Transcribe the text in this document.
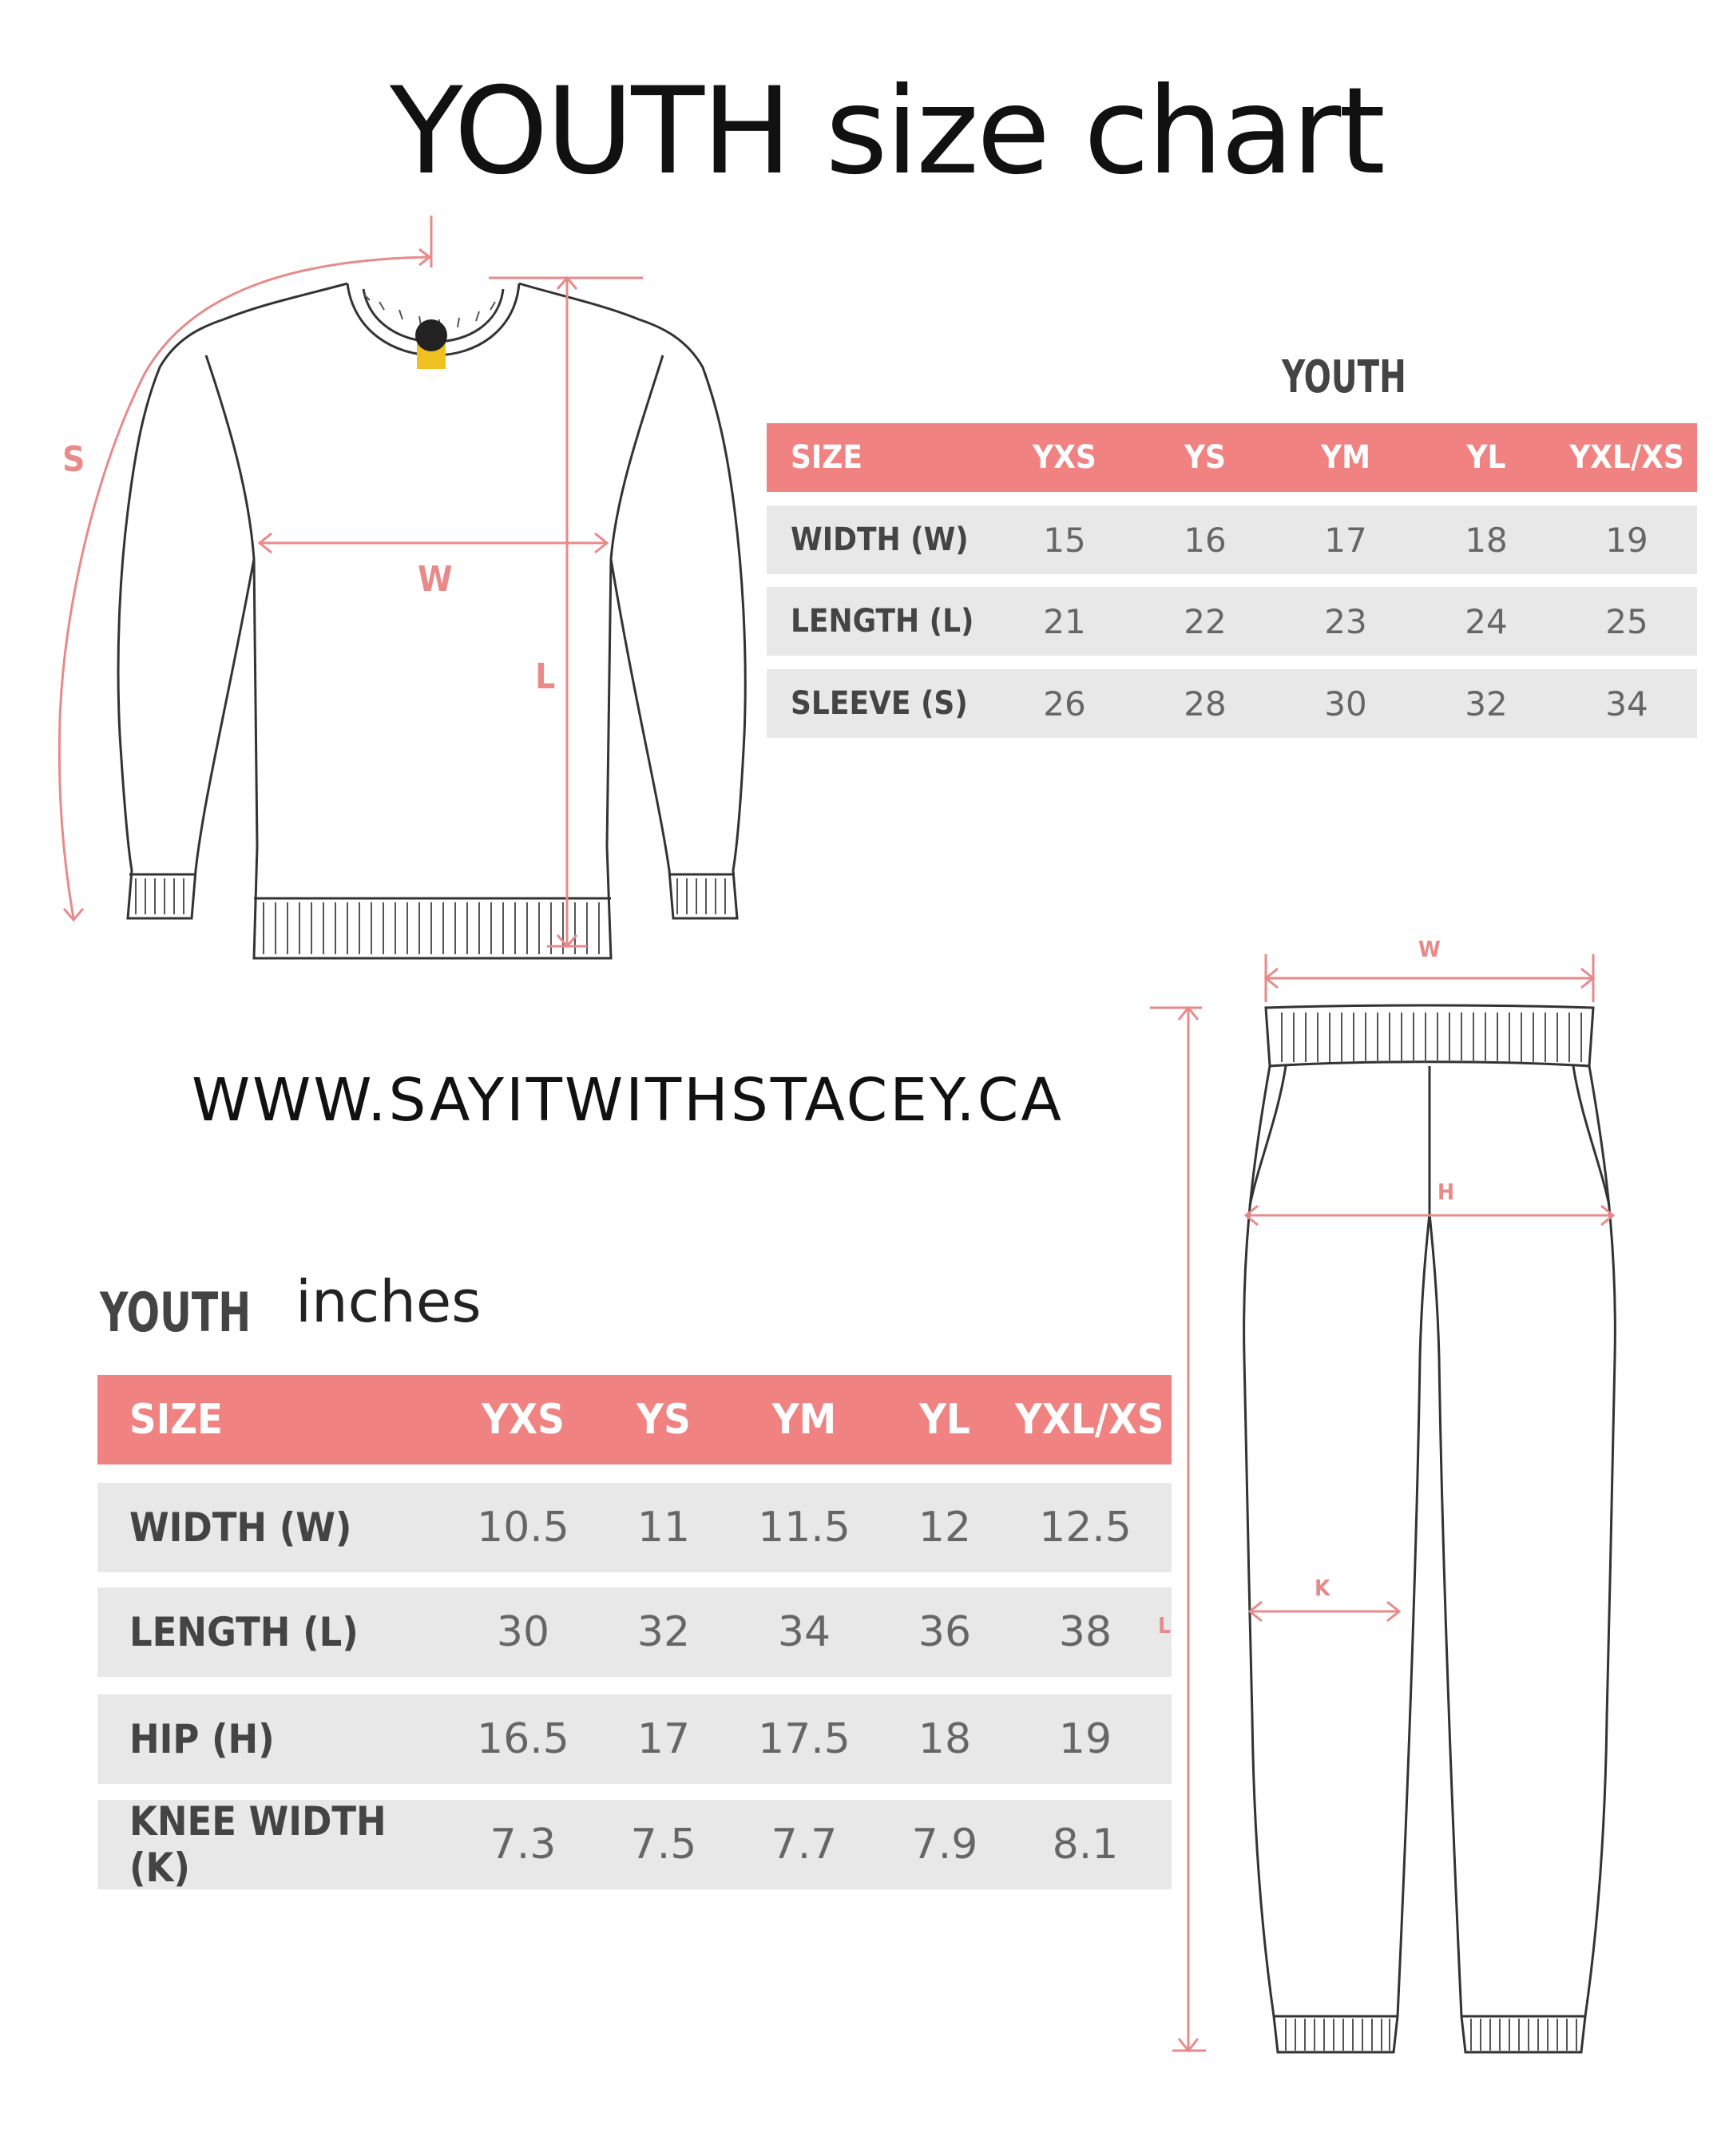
YOUTH size chart
S
W
L
YOUTH
SIZE	YXS	YS	YM	YL	YXL/XS
WIDTH (W)	15	16	17	18	19
LENGTH (L)	21	22	23	24	25
SLEEVE (S)	26	28	30	32	34
WWW.SAYITWITHSTACEY.CA
YOUTH inches
SIZE	YXS	YS	YM	YL	YXL/XS
WIDTH (W)	10.5	11	11.5	12	12.5
LENGTH (L)	30	32	34	36	38
HIP (H)	16.5	17	17.5	18	19
KNEE WIDTH (K)	7.3	7.5	7.7	7.9	8.1
W
H
K
L
